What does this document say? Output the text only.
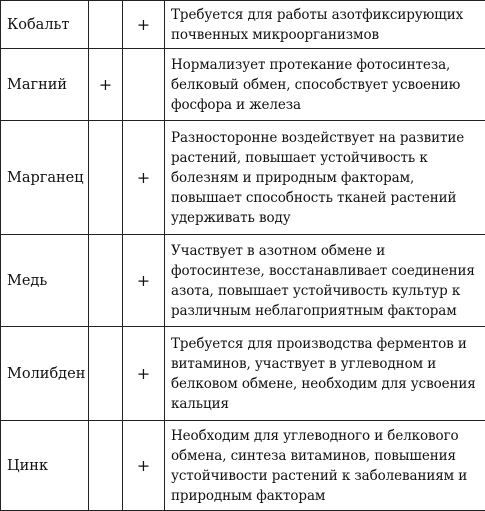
Кобальт		+	Требуется для работы азотфиксирующих почвенных микроорганизмов
Магний	+		Нормализует протекание фотосинтеза, белковый обмен, способствует усвоению фосфора и железа
Марганец		+	Разносторонне воздействует на развитие растений, повышает устойчивость к болезням и природным факторам, повышает способность тканей растений удерживать воду
Медь		+	Участвует в азотном обмене и фотосинтезе, восстанавливает соединения азота, повышает устойчивость культур к различным неблагоприятным факторам
Молибден		+	Требуется для производства ферментов и витаминов, участвует в углеводном и белковом обмене, необходим для усвоения кальция
Цинк		+	Необходим для углеводного и белкового обмена, синтеза витаминов, повышения устойчивости растений к заболеваниям и природным факторам
